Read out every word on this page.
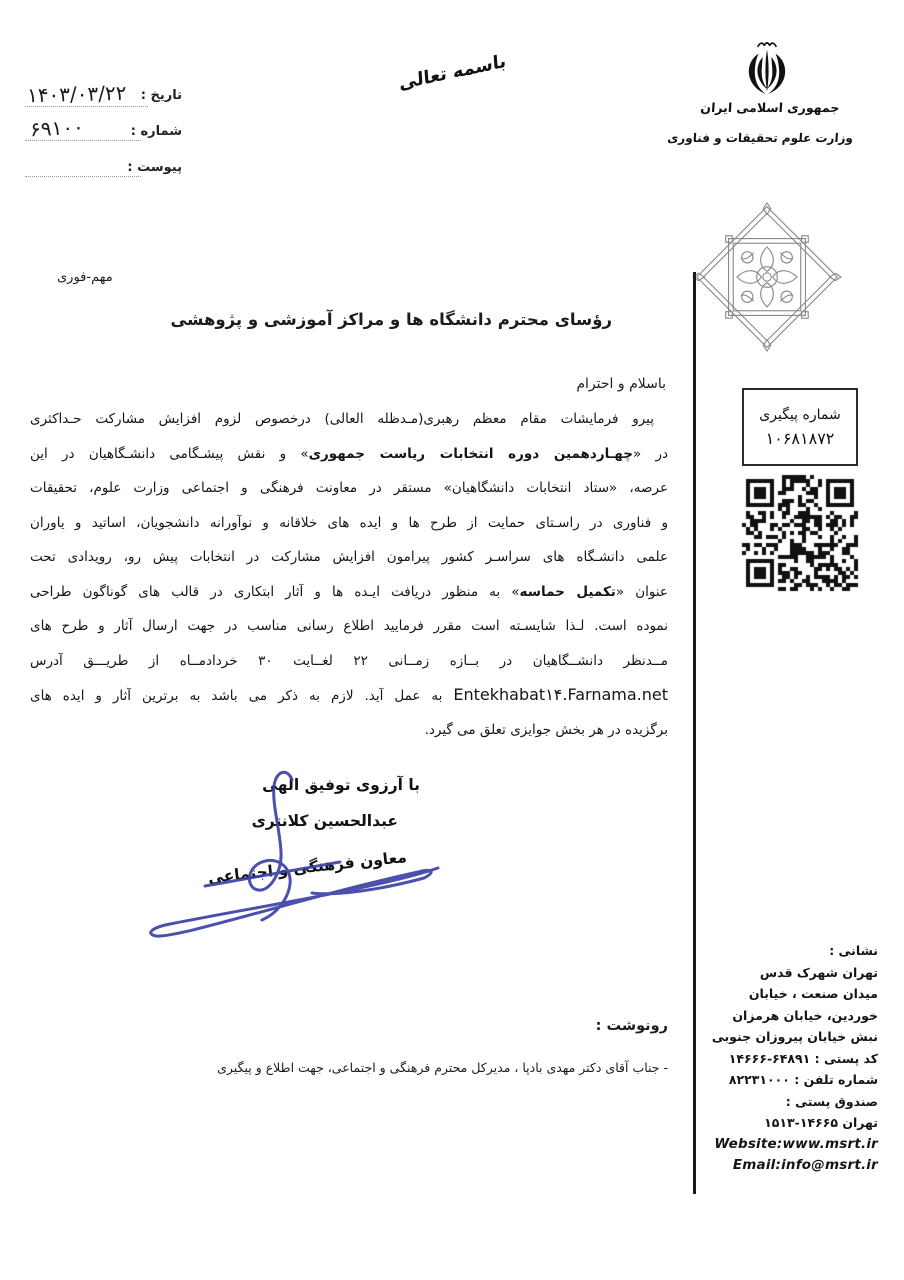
تاریخ :
۱۴۰۳/۰۳/۲۲
شماره :
۶۹۱۰۰
پیوست :
باسمه تعالی
جمهوری اسلامی ایران
وزارت علوم تحقیقات و فناوری
شماره پیگیری
۱۰۶۸۱۸۷۲
مهم-فوری
رؤسای محترم دانشگاه ها و مراکز آموزشی و پژوهشی
باسلام و احترام
پیرو فرمایشات مقام معظم رهبری(مـدظله العالی) درخصوص لزوم افزایش مشارکت حـداکثری
در «چهـاردهمین دوره انتخابات ریاست جمهوری» و نقش پیشـگامی دانشـگاهیان در این
عرصه، «ستاد انتخابات دانشگاهیان» مستقر در معاونت فرهنگی و اجتماعی وزارت علوم، تحقیقات
و فناوری در راسـتای حمایت از طرح ها و ایده های خلاقانه و نوآورانه دانشجویان، اساتید و یاوران
علمی دانشـگاه های سراسـر کشور پیرامون افزایش مشارکت در انتخابات پیش رو، رویدادی تحت
عنوان «تکمیل حماسه» به منظور دریافت ایـده ها و آثار ابتکاری در قالب های گوناگون طراحی
نموده است. لـذا شایسـته است مقرر فرمایید اطلاع رسانی مناسب در جهت ارسال آثار و طرح های
مــدنظر دانشــگاهیان در بــازه زمــانی ۲۲ لغــایت ۳۰ خردادمــاه از طریـــق آدرس
Entekhabat۱۴.Farnama.net به عمل آید. لازم به ذکر می باشد به برترین آثار و ایده های
برگزیده در هر بخش جوایزی تعلق می گیرد.
با آرزوی توفیق الهی
عبدالحسین کلانتری
معاون فرهنگی و اجتماعی
رونوشت :
- جناب آقای دکتر مهدی بادپا ، مدیرکل محترم فرهنگی و اجتماعی، جهت اطلاع و پیگیری
نشانی :
تهران شهرک قدس
میدان صنعت ، خیابان
خوردین، خیابان هرمزان
نبش خیابان پیروزان جنوبی
کد پستی : ۱۴۶۶۶-۶۴۸۹۱
شماره تلفن : ۸۲۲۳۱۰۰۰
صندوق پستی :
تهران ۱۵۱۳-۱۴۶۶۵
Website:www.msrt.ir
Email:info@msrt.ir
